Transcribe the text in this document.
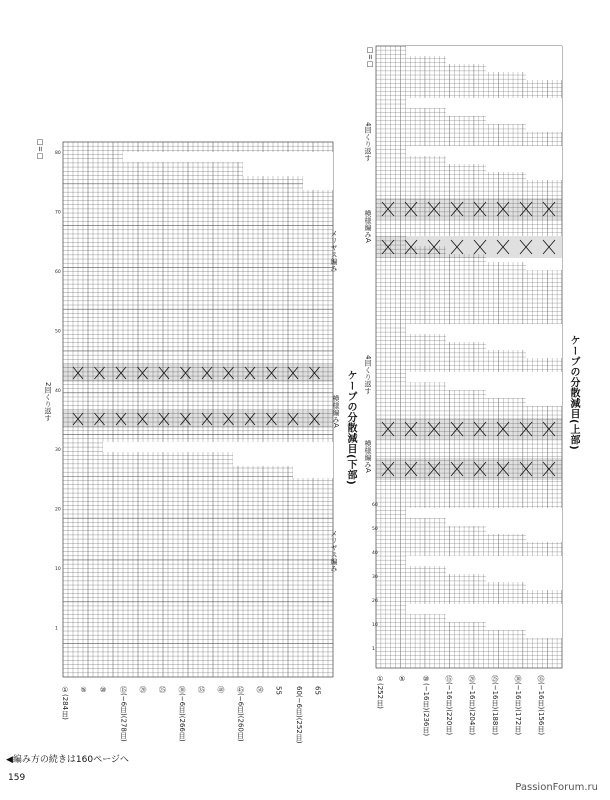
□=□
□=□
80
70
60
50
40
30
20
10
1
ケーブの分散減目(下部)
メリヤス編み
模様編みA
メリヤス編み
2回くり返す
①(284目) ⑤ ⑩ ⑮(−6目)(278目) ⑳ ㉕ ㉚(−6目)(266目) ㉟ ㊵ ㊺(−6目)(260目) ㊿ 55 60(−6目)(252目) 65
60
50
40
30
20
10
1
ケーブの分散減目(上部)
模様編みA
模様編みA
4回くり返す
4回くり返す
①(252目) ⑤ ⑩(−16目)(236目) ⑮(−16目)(220目) ⑳(−16目)(204目) ㉕(−16目)(188目) ㉚(−16目)(172目) ㉟(−16目)(156目)
◀編み方の続きは160ページへ
159
PassionForum.ru
